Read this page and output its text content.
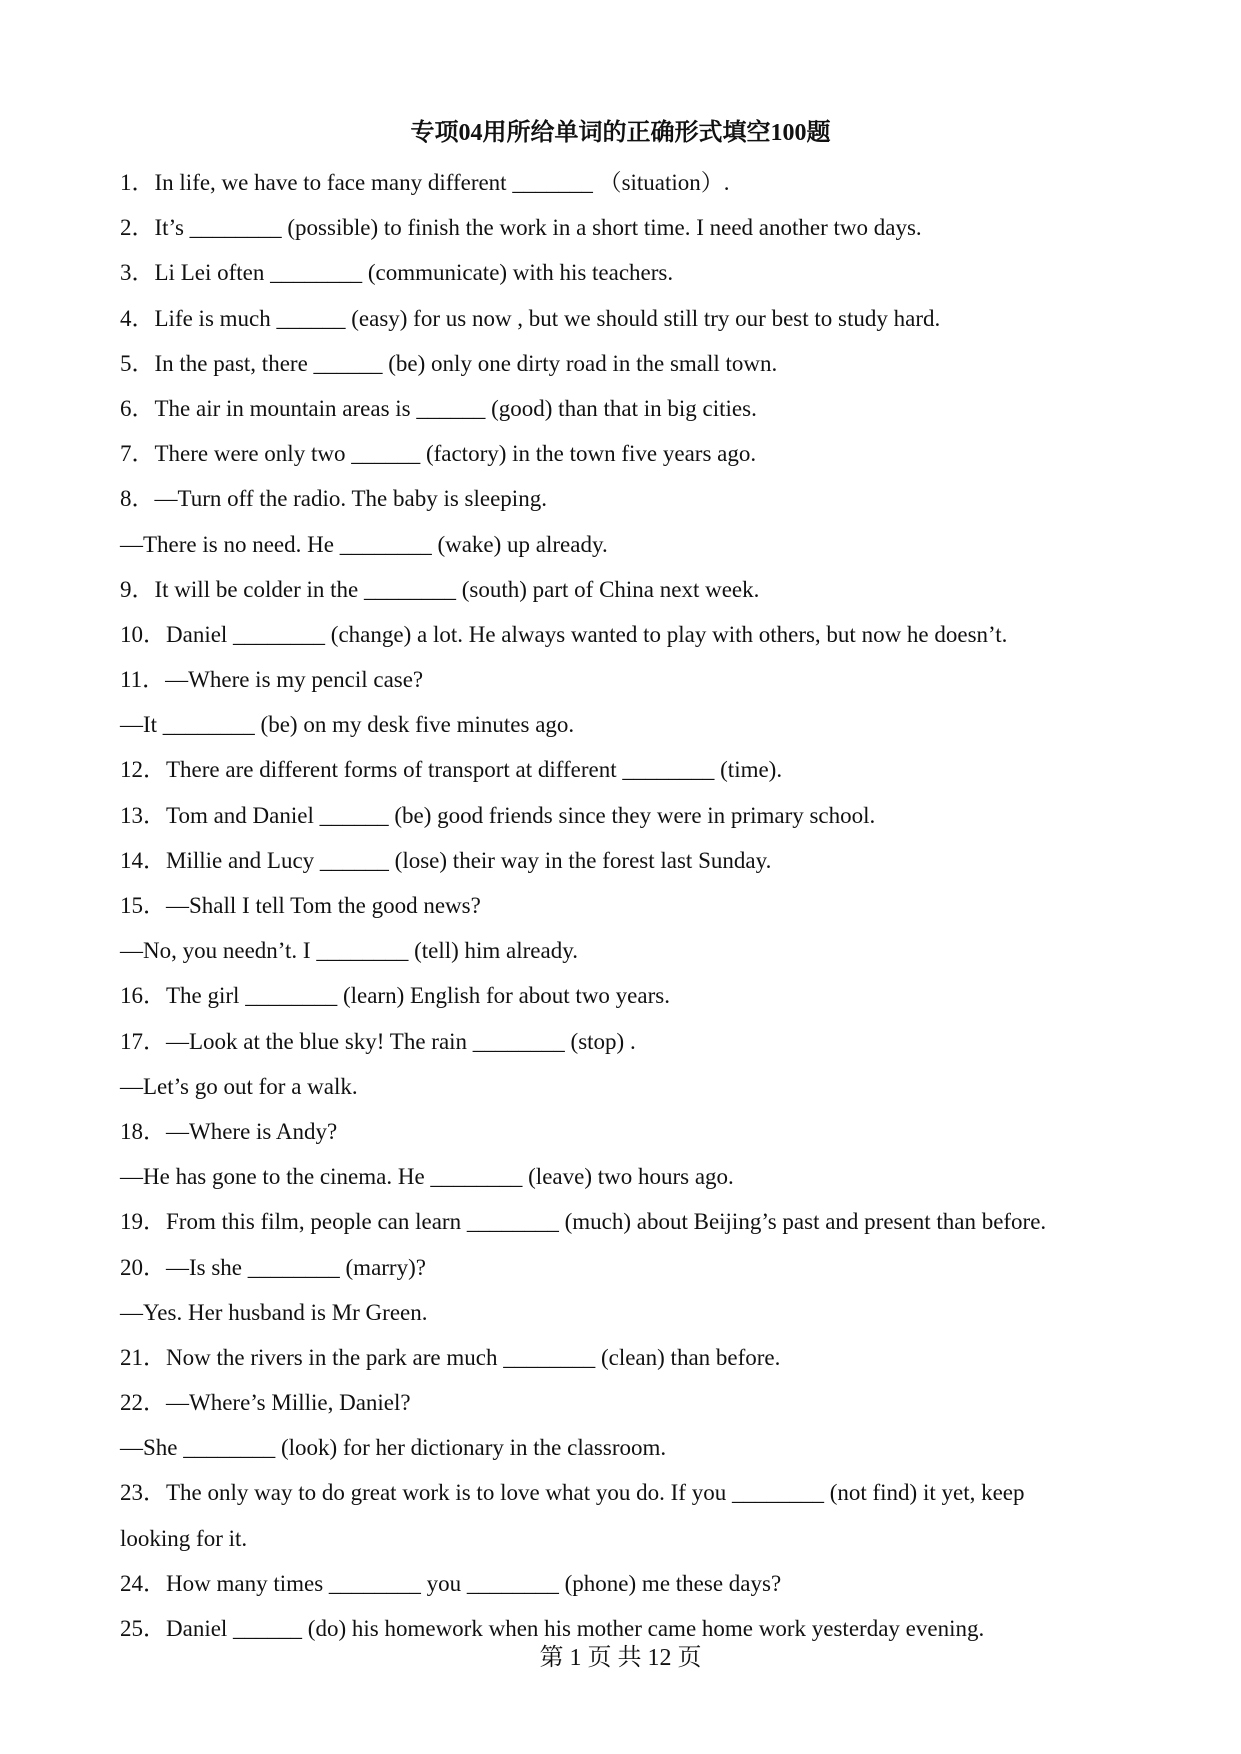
专项04用所给单词的正确形式填空100题
1．In life, we have to face many different _______ （situation）.
2．It’s ________ (possible) to finish the work in a short time. I need another two days.
3．Li Lei often ________ (communicate) with his teachers.
4．Life is much ______ (easy) for us now , but we should still try our best to study hard.
5．In the past, there ______ (be) only one dirty road in the small town.
6．The air in mountain areas is ______ (good) than that in big cities.
7．There were only two ______ (factory) in the town five years ago.
8．—Turn off the radio. The baby is sleeping.
—There is no need. He ________ (wake) up already.
9．It will be colder in the ________ (south) part of China next week.
10．Daniel ________ (change) a lot. He always wanted to play with others, but now he doesn’t.
11．—Where is my pencil case?
—It ________ (be) on my desk five minutes ago.
12．There are different forms of transport at different ________ (time).
13．Tom and Daniel ______ (be) good friends since they were in primary school.
14．Millie and Lucy ______ (lose) their way in the forest last Sunday.
15．—Shall I tell Tom the good news?
—No, you needn’t. I ________ (tell) him already.
16．The girl ________ (learn) English for about two years.
17．—Look at the blue sky! The rain ________ (stop) .
—Let’s go out for a walk.
18．—Where is Andy?
—He has gone to the cinema. He ________ (leave) two hours ago.
19．From this film, people can learn ________ (much) about Beijing’s past and present than before.
20．—Is she ________ (marry)?
—Yes. Her husband is Mr Green.
21．Now the rivers in the park are much ________ (clean) than before.
22．—Where’s Millie, Daniel?
—She ________ (look) for her dictionary in the classroom.
23．The only way to do great work is to love what you do. If you ________ (not find) it yet, keep
looking for it.
24．How many times ________ you ________ (phone) me these days?
25．Daniel ______ (do) his homework when his mother came home work yesterday evening.
第 1 页 共 12 页
